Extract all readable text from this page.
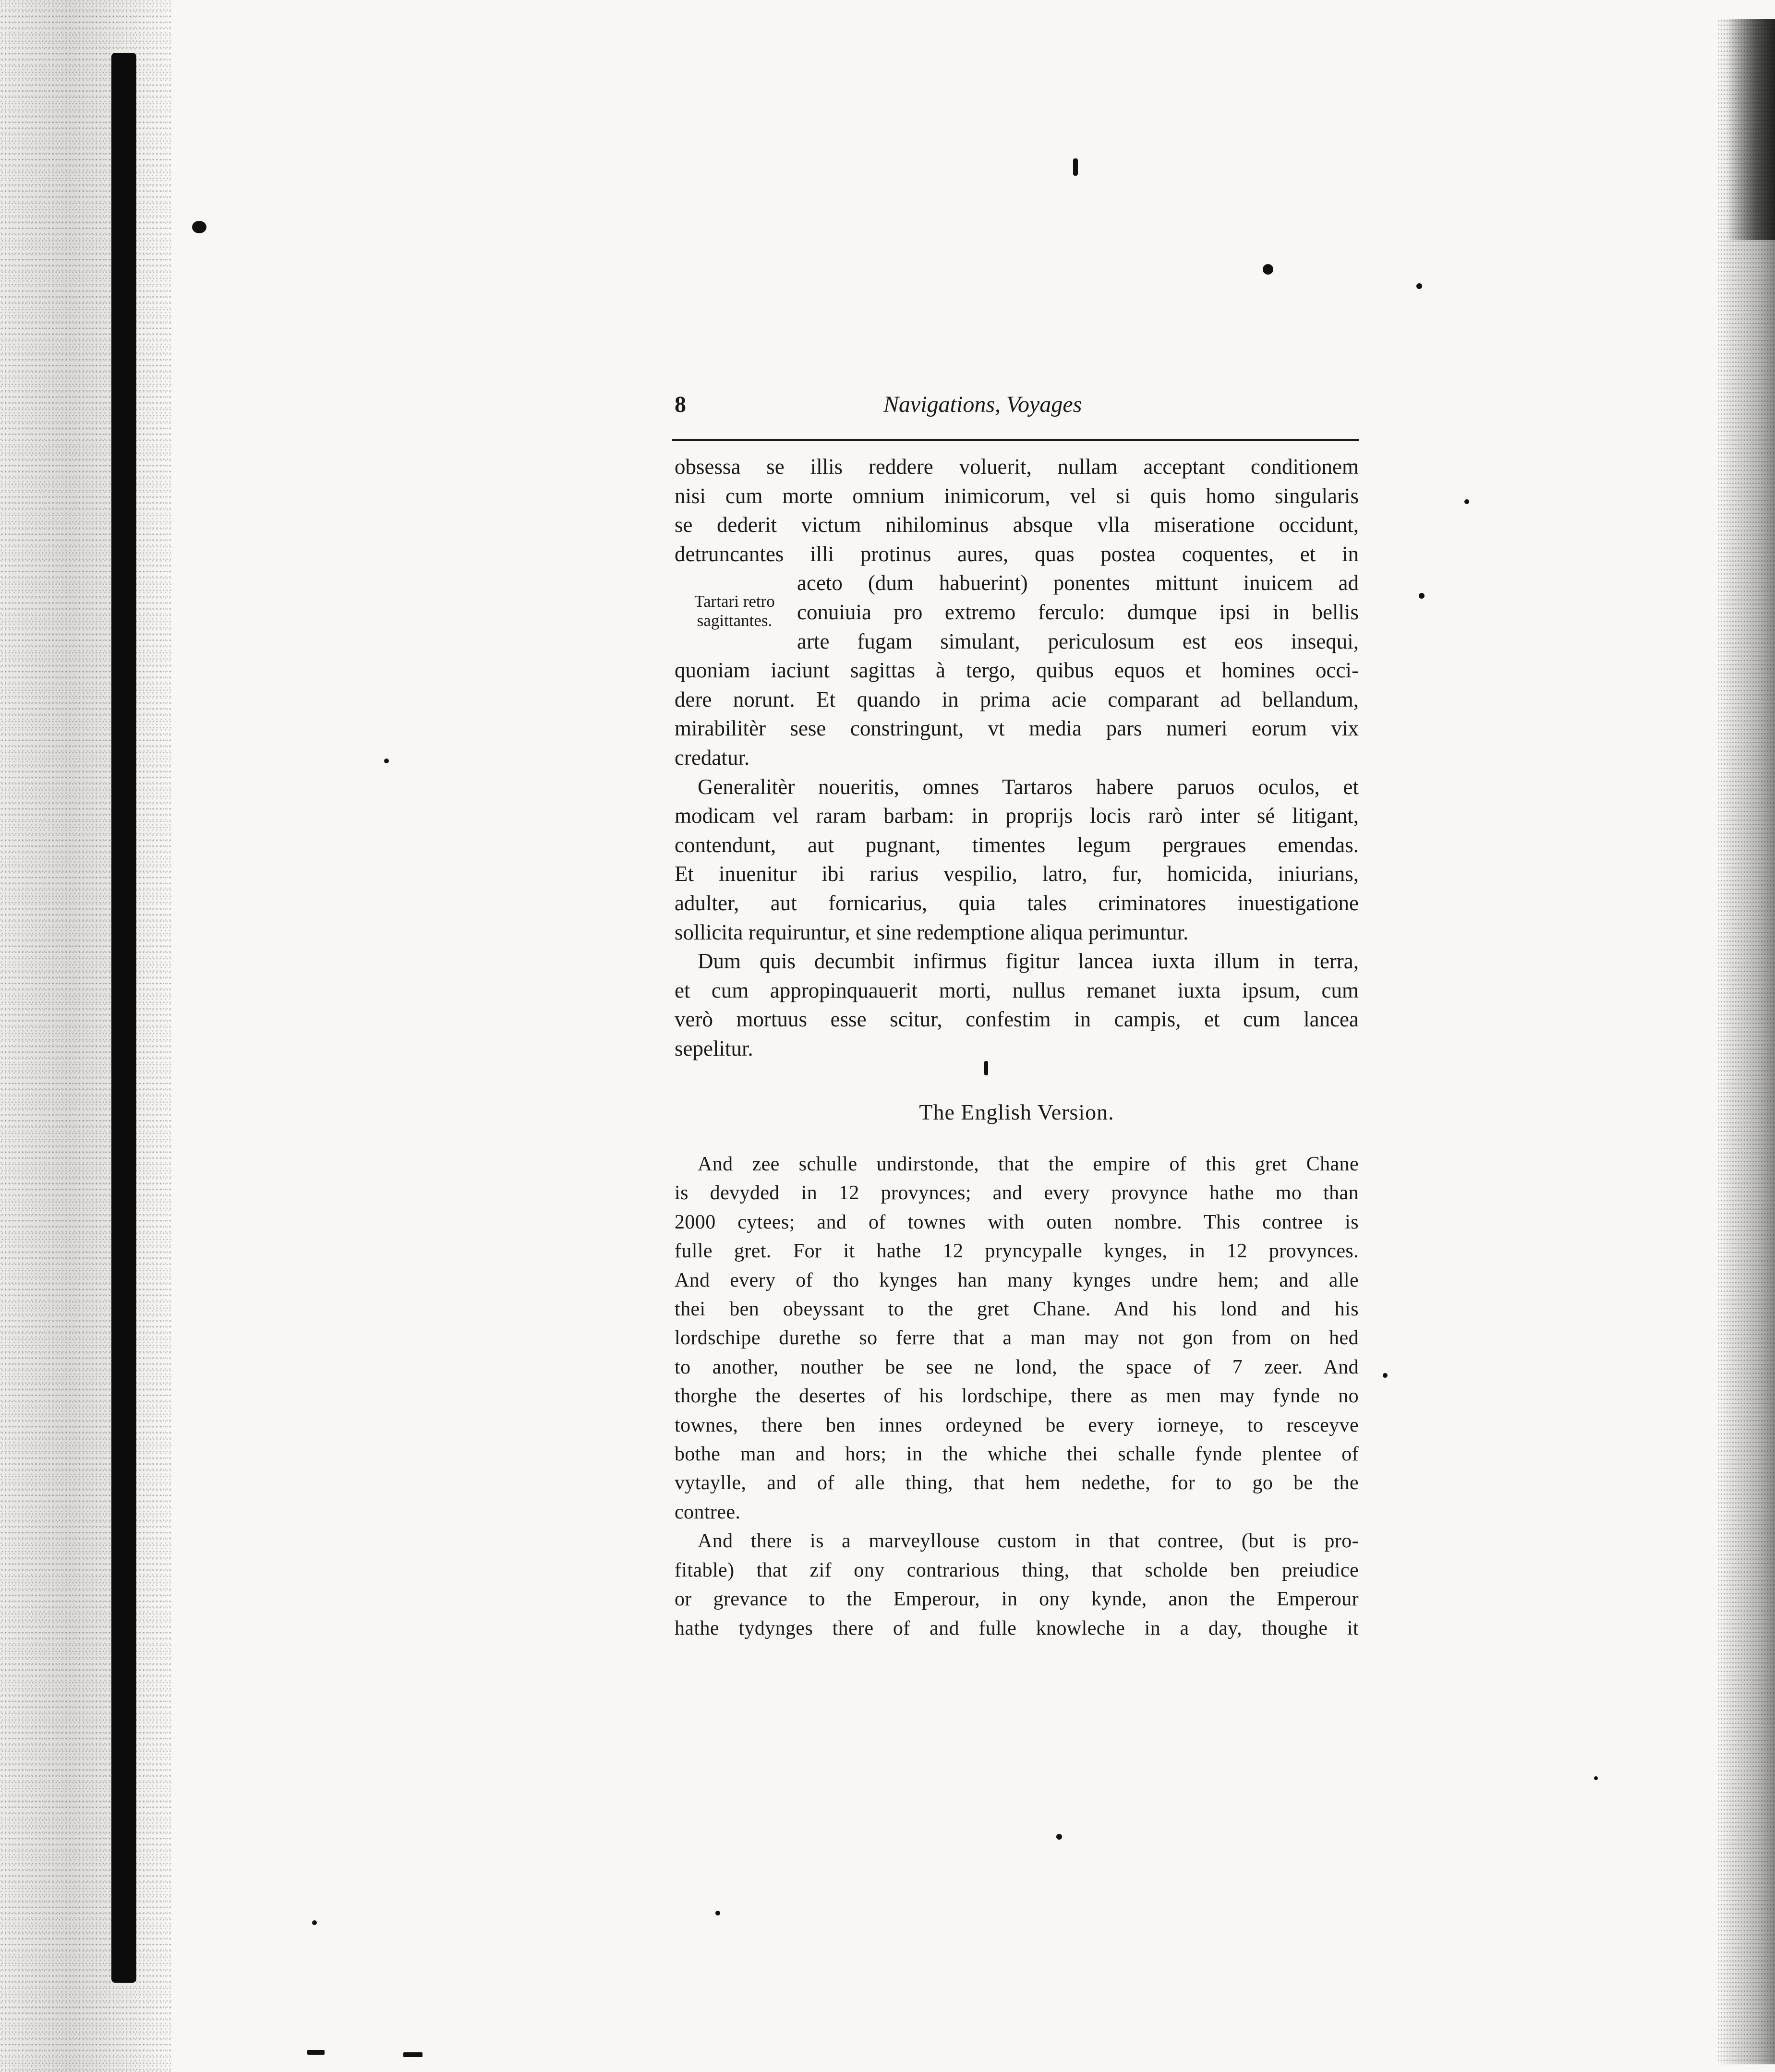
8	Navigations, Voyages
Tartari retro
sagittantes.
obsessa se illis reddere voluerit, nullam acceptant conditionem
nisi cum morte omnium inimicorum, vel si quis homo singularis
se dederit victum nihilominus absque vlla miseratione occidunt,
detruncantes illi protinus aures, quas postea coquentes, et in
aceto (dum habuerint) ponentes mittunt inuicem ad
conuiuia pro extremo ferculo: dumque ipsi in bellis
arte fugam simulant, periculosum est eos insequi,
quoniam iaciunt sagittas à tergo, quibus equos et homines occi-
dere norunt. Et quando in prima acie comparant ad bellandum,
mirabilitèr sese constringunt, vt media pars numeri eorum vix
credatur.
Generalitèr noueritis, omnes Tartaros habere paruos oculos, et
modicam vel raram barbam: in proprijs locis rarò inter sé litigant,
contendunt, aut pugnant, timentes legum pergraues emendas.
Et inuenitur ibi rarius vespilio, latro, fur, homicida, iniurians,
adulter, aut fornicarius, quia tales criminatores inuestigatione
sollicita requiruntur, et sine redemptione aliqua perimuntur.
Dum quis decumbit infirmus figitur lancea iuxta illum in terra,
et cum appropinquauerit morti, nullus remanet iuxta ipsum, cum
verò mortuus esse scitur, confestim in campis, et cum lancea
sepelitur.
The English Version.
And zee schulle undirstonde, that the empire of this gret Chane
is devyded in 12 provynces; and every provynce hathe mo than
2000 cytees; and of townes with outen nombre. This contree is
fulle gret. For it hathe 12 pryncypalle kynges, in 12 provynces.
And every of tho kynges han many kynges undre hem; and alle
thei ben obeyssant to the gret Chane. And his lond and his
lordschipe durethe so ferre that a man may not gon from on hed
to another, nouther be see ne lond, the space of 7 zeer. And
thorghe the desertes of his lordschipe, there as men may fynde no
townes, there ben innes ordeyned be every iorneye, to resceyve
bothe man and hors; in the whiche thei schalle fynde plentee of
vytaylle, and of alle thing, that hem nedethe, for to go be the
contree.
And there is a marveyllouse custom in that contree, (but is pro-
fitable) that zif ony contrarious thing, that scholde ben preiudice
or grevance to the Emperour, in ony kynde, anon the Emperour
hathe tydynges there of and fulle knowleche in a day, thoughe it
